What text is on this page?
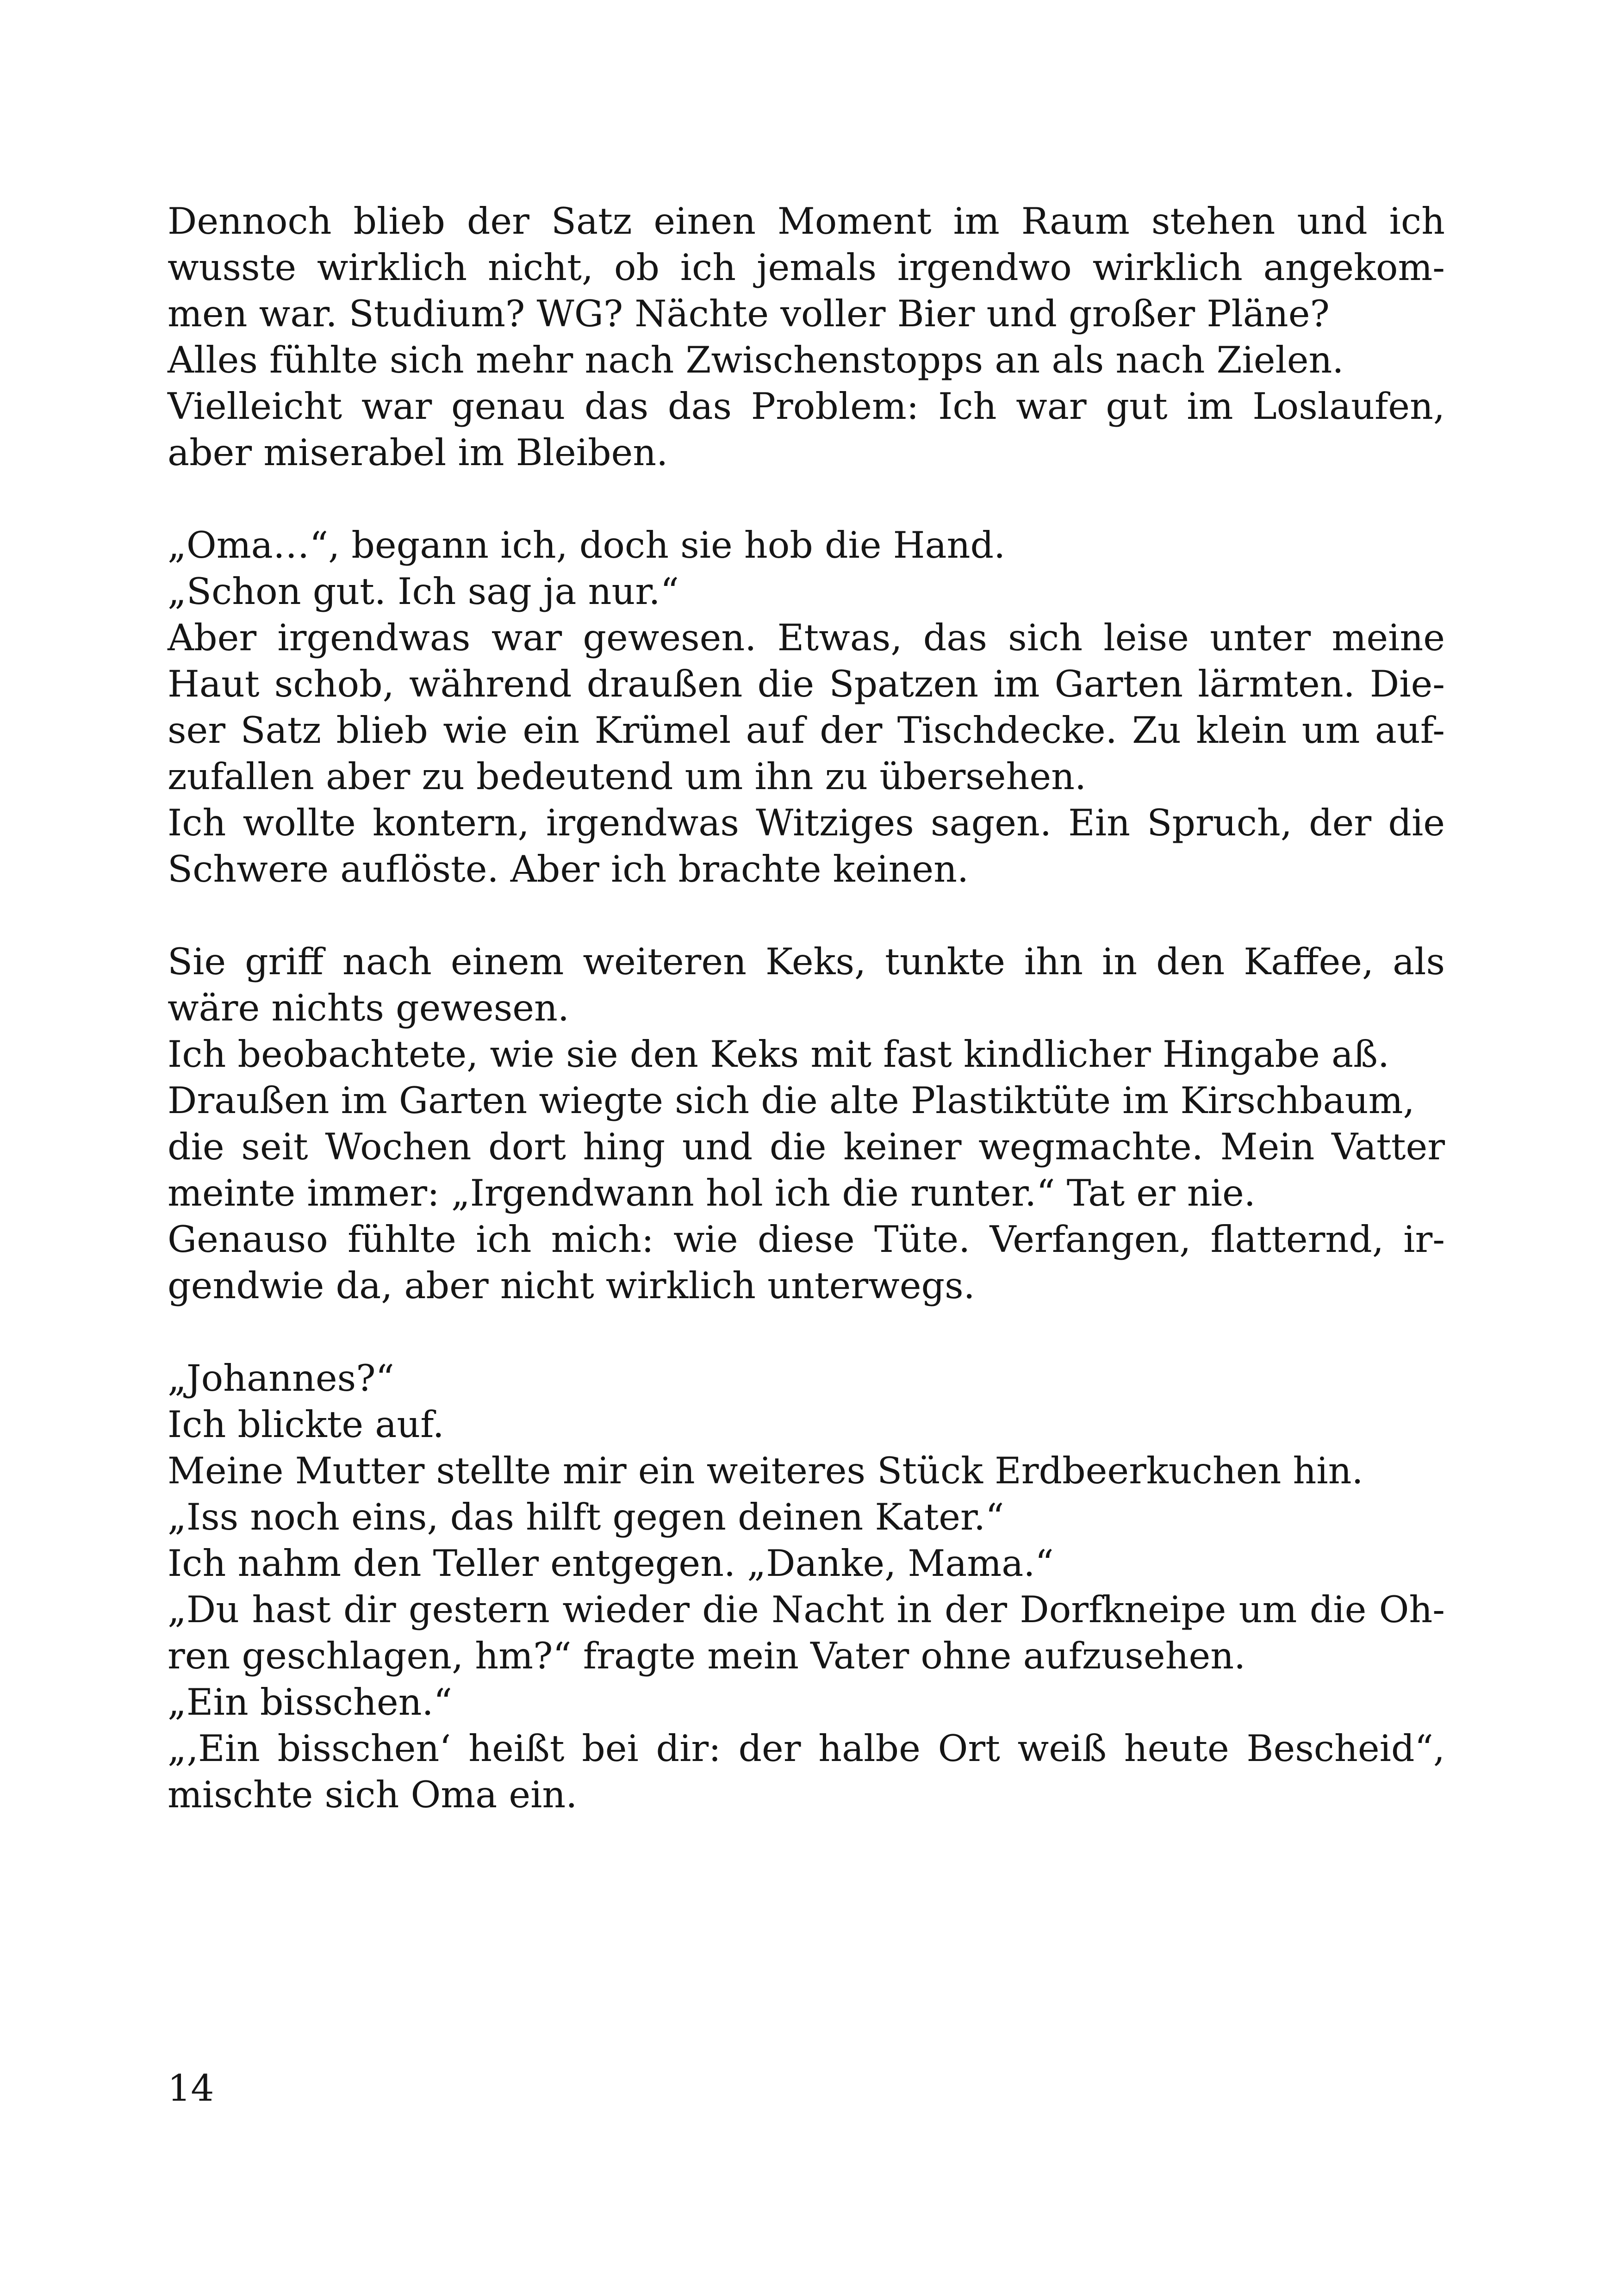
Dennoch blieb der Satz einen Moment im Raum stehen und ich
wusste wirklich nicht, ob ich jemals irgendwo wirklich angekom-
men war. Studium? WG? Nächte voller Bier und großer Pläne?
Alles fühlte sich mehr nach Zwischenstopps an als nach Zielen.
Vielleicht war genau das das Problem: Ich war gut im Loslaufen,
aber miserabel im Bleiben.
„Oma…“, begann ich, doch sie hob die Hand.
„Schon gut. Ich sag ja nur.“
Aber irgendwas war gewesen. Etwas, das sich leise unter meine
Haut schob, während draußen die Spatzen im Garten lärmten. Die-
ser Satz blieb wie ein Krümel auf der Tischdecke. Zu klein um auf-
zufallen aber zu bedeutend um ihn zu übersehen.
Ich wollte kontern, irgendwas Witziges sagen. Ein Spruch, der die
Schwere auflöste. Aber ich brachte keinen.
Sie griff nach einem weiteren Keks, tunkte ihn in den Kaffee, als
wäre nichts gewesen.
Ich beobachtete, wie sie den Keks mit fast kindlicher Hingabe aß.
Draußen im Garten wiegte sich die alte Plastiktüte im Kirschbaum,
die seit Wochen dort hing und die keiner wegmachte. Mein Vatter
meinte immer: „Irgendwann hol ich die runter.“ Tat er nie.
Genauso fühlte ich mich: wie diese Tüte. Verfangen, flatternd, ir-
gendwie da, aber nicht wirklich unterwegs.
„Johannes?“
Ich blickte auf.
Meine Mutter stellte mir ein weiteres Stück Erdbeerkuchen hin.
„Iss noch eins, das hilft gegen deinen Kater.“
Ich nahm den Teller entgegen. „Danke, Mama.“
„Du hast dir gestern wieder die Nacht in der Dorfkneipe um die Oh-
ren geschlagen, hm?“ fragte mein Vater ohne aufzusehen.
„Ein bisschen.“
„‚Ein bisschen‘ heißt bei dir: der halbe Ort weiß heute Bescheid“,
mischte sich Oma ein.
14
